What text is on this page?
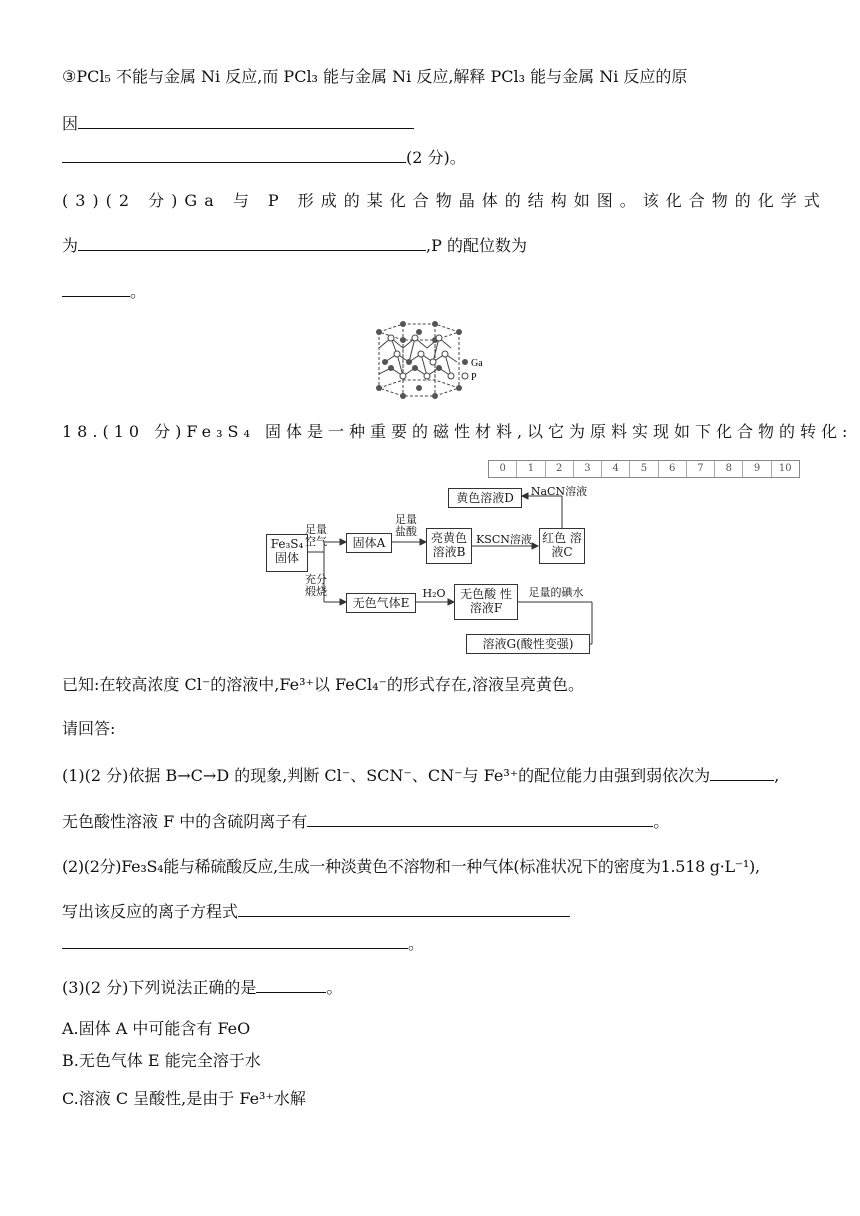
③PCl₅ 不能与金属 Ni 反应,而 PCl₃ 能与金属 Ni 反应,解释 PCl₃ 能与金属 Ni 反应的原
因
(2 分)。
(3)(2 分)Ga 与 P 形成的某化合物晶体的结构如图。该化合物的化学式
为	,P 的配位数为
。
Ga
P
18.(10 分)Fe₃S₄ 固体是一种重要的磁性材料,以它为原料实现如下化合物的转化:
0	1	2	3	4	5	6	7	8	9	10
Fe₃S₄ 固体
足量 空气
充分 煅烧
固体A
足量 盐酸	亮黄色 溶液B
KSCN溶液 红色 溶液C
NaCN溶液
黄色溶液D
无色气体E
H₂O	无色酸 性溶液F
足量的碘水
溶液G(酸性变强)
已知:在较高浓度 Cl⁻的溶液中,Fe³⁺以 FeCl₄⁻的形式存在,溶液呈亮黄色。
请回答:
(1)(2 分)依据 B→C→D 的现象,判断 Cl⁻、SCN⁻、CN⁻与 Fe³⁺的配位能力由强到弱依次为	,
无色酸性溶液 F 中的含硫阴离子有	。
(2)(2分)Fe₃S₄能与稀硫酸反应,生成一种淡黄色不溶物和一种气体(标准状况下的密度为1.518 g·L⁻¹),
写出该反应的离子方程式
。
(3)(2 分)下列说法正确的是	。
A.固体 A 中可能含有 FeO
B.无色气体 E 能完全溶于水
C.溶液 C 呈酸性,是由于 Fe³⁺水解
